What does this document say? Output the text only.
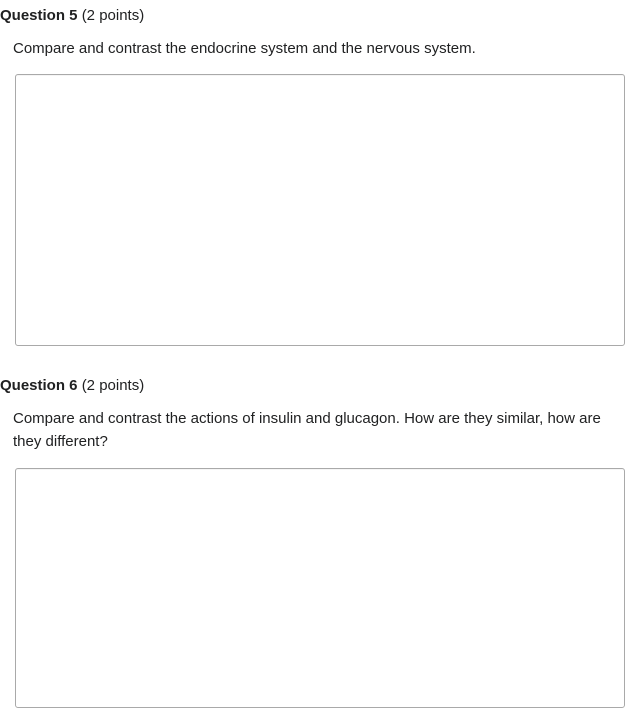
Question 5 (2 points)
Compare and contrast the endocrine system and the nervous system.
Question 6 (2 points)
Compare and contrast the actions of insulin and glucagon. How are they similar, how are they different?
